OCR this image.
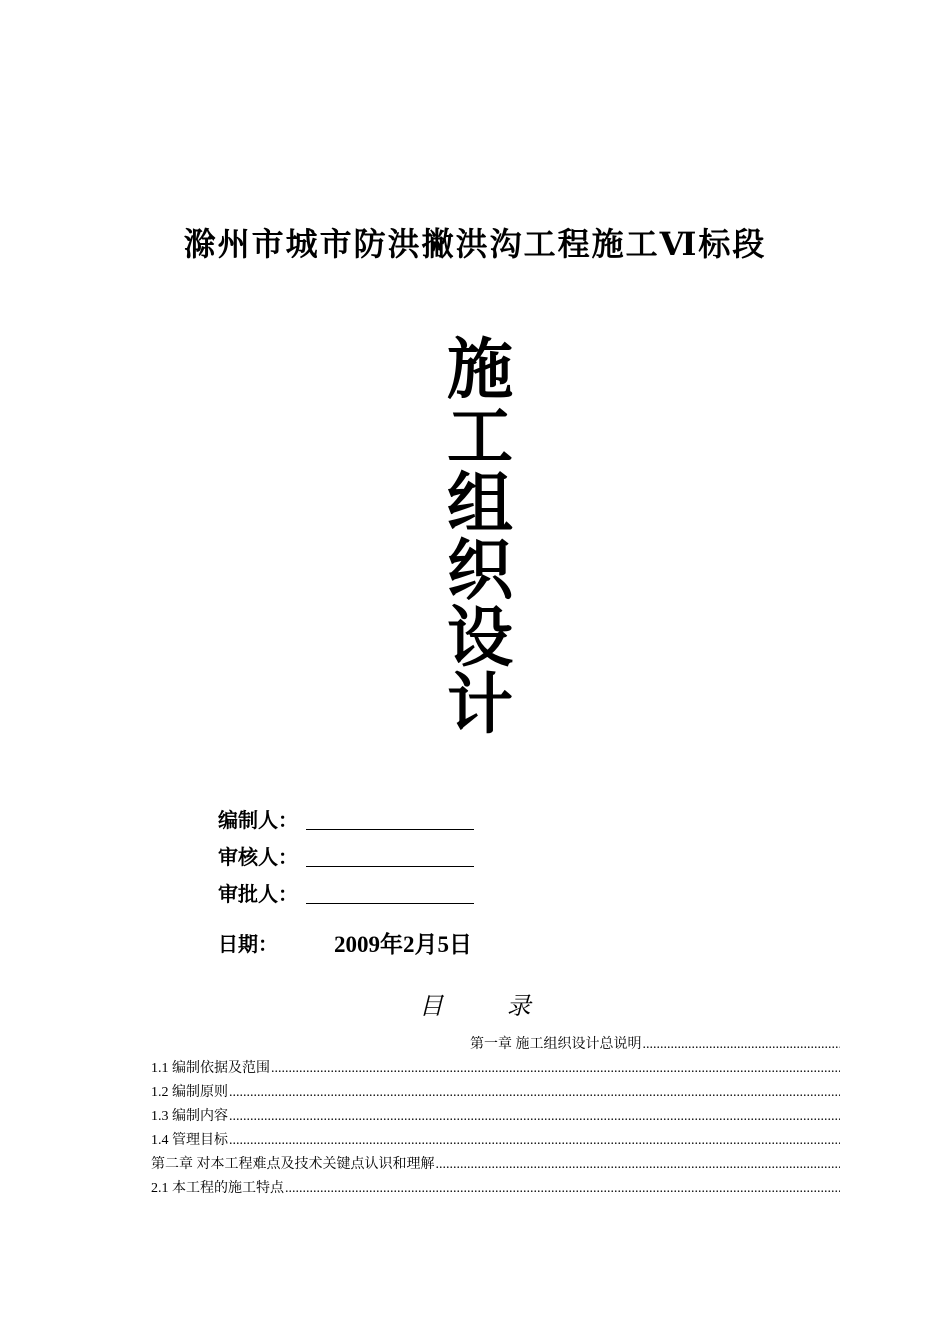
滁州市城市防洪撇洪沟工程施工Ⅵ标段
施
工
组
织
设
计
编制人：
审核人：
审批人：
日期：	2009年2月5日
目 录
第一章 施工组织设计总说明
.....
1.1 编制依据及范围
.....
1.2 编制原则
.....
1.3 编制内容
.....
1.4 管理目标
.....
第二章 对本工程难点及技术关键点认识和理解
.....
2.1 本工程的施工特点
.....
